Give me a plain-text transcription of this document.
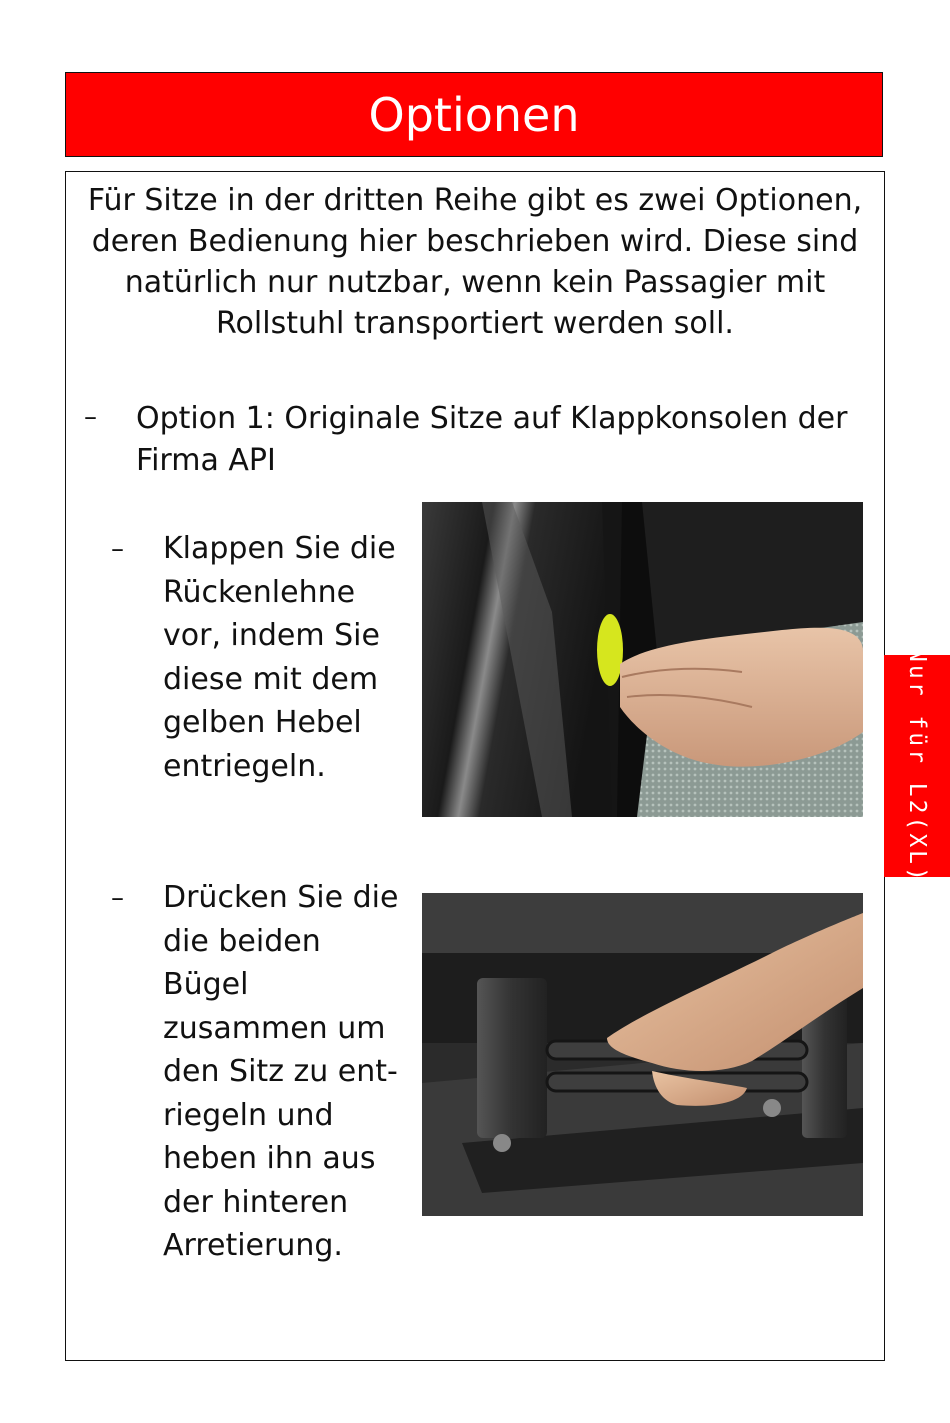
Optionen
Für Sitze in der dritten Reihe gibt es zwei Optionen, deren Bedienung hier beschrieben wird. Diese sind natürlich nur nutzbar, wenn kein Passagier mit Rollstuhl transportiert werden soll.
– Option 1: Originale Sitze auf Klappkonsolen der Firma API
– Klappen Sie die Rückenlehne vor, indem Sie diese mit dem gelben Hebel entriegeln.
– Drücken Sie die die beiden Bügel zusammen um den Sitz zu ent-riegeln und heben ihn aus der hinteren Arretierung.
Nur für L2(XL)
